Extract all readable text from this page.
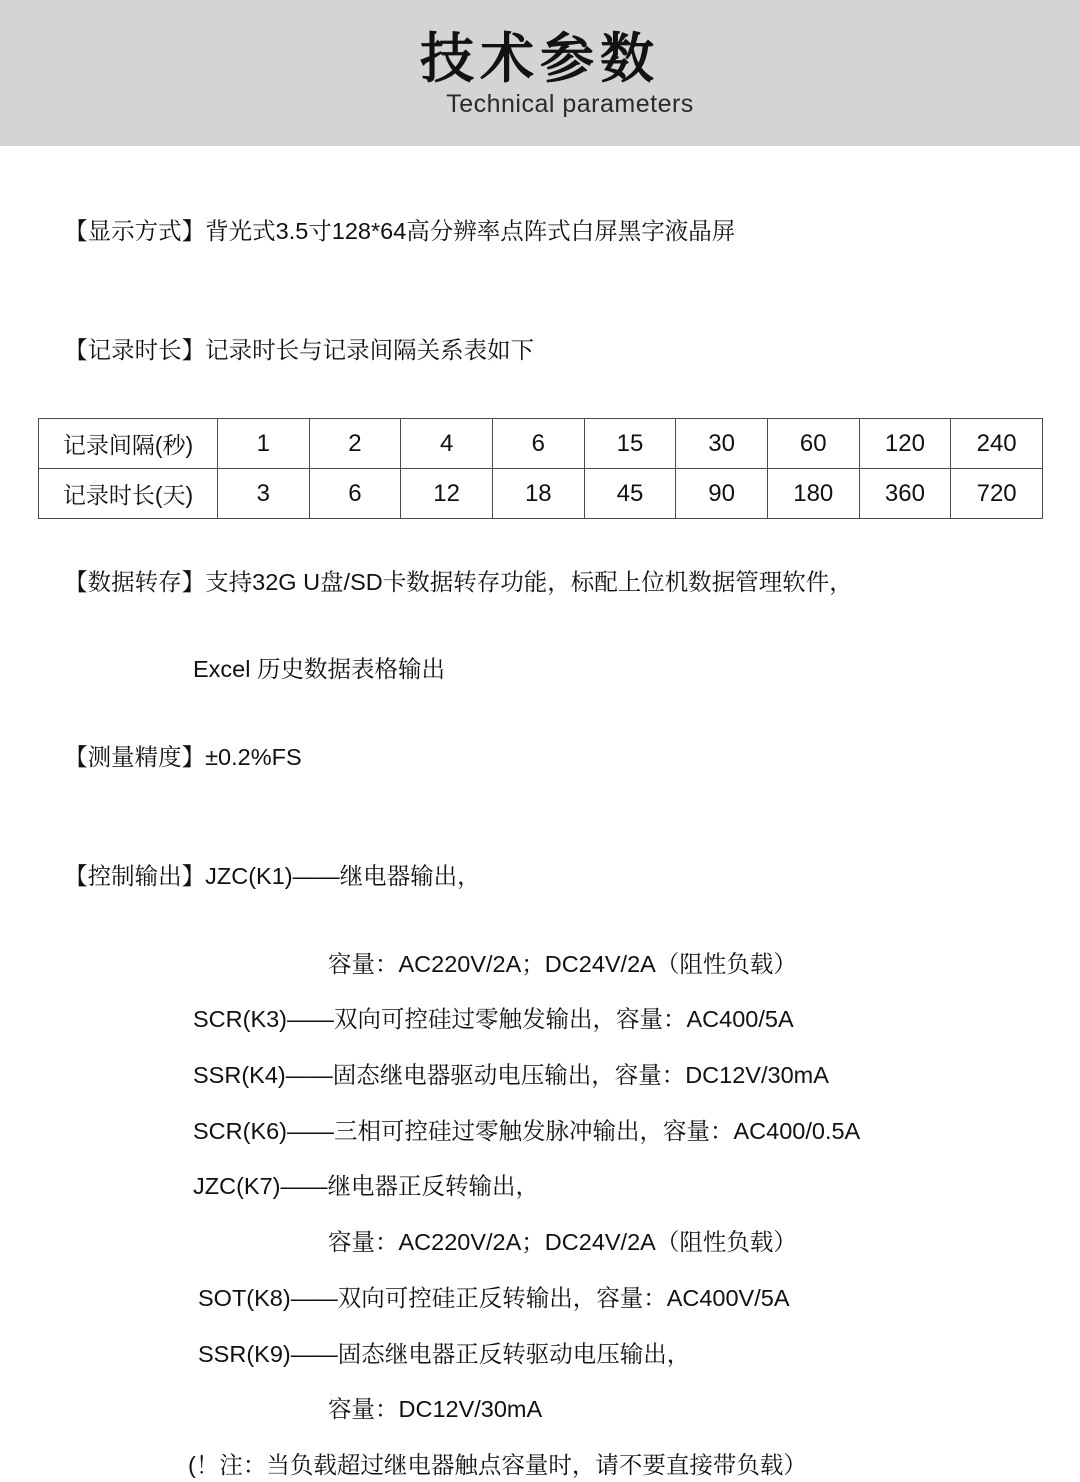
技术参数
Technical parameters

【显示方式】背光式3.5寸128*64高分辨率点阵式白屏黑字液晶屏

【记录时长】记录时长与记录间隔关系表如下

记录间隔(秒)	1	2	4	6	15	30	60	120	240
记录时长(天)	3	6	12	18	45	90	180	360	720

【数据转存】支持32G U盘/SD卡数据转存功能，标配上位机数据管理软件，

Excel 历史数据表格输出

【测量精度】±0.2%FS

【控制输出】JZC(K1)——继电器输出，

容量：AC220V/2A；DC24V/2A（阻性负载）
SCR(K3)——双向可控硅过零触发输出，容量：AC400/5A
SSR(K4)——固态继电器驱动电压输出，容量：DC12V/30mA
SCR(K6)——三相可控硅过零触发脉冲输出，容量：AC400/0.5A
JZC(K7)——继电器正反转输出，
容量：AC220V/2A；DC24V/2A（阻性负载）
SOT(K8)——双向可控硅正反转输出，容量：AC400V/5A
SSR(K9)——固态继电器正反转驱动电压输出，
容量：DC12V/30mA
(！注：当负载超过继电器触点容量时，请不要直接带负载）
